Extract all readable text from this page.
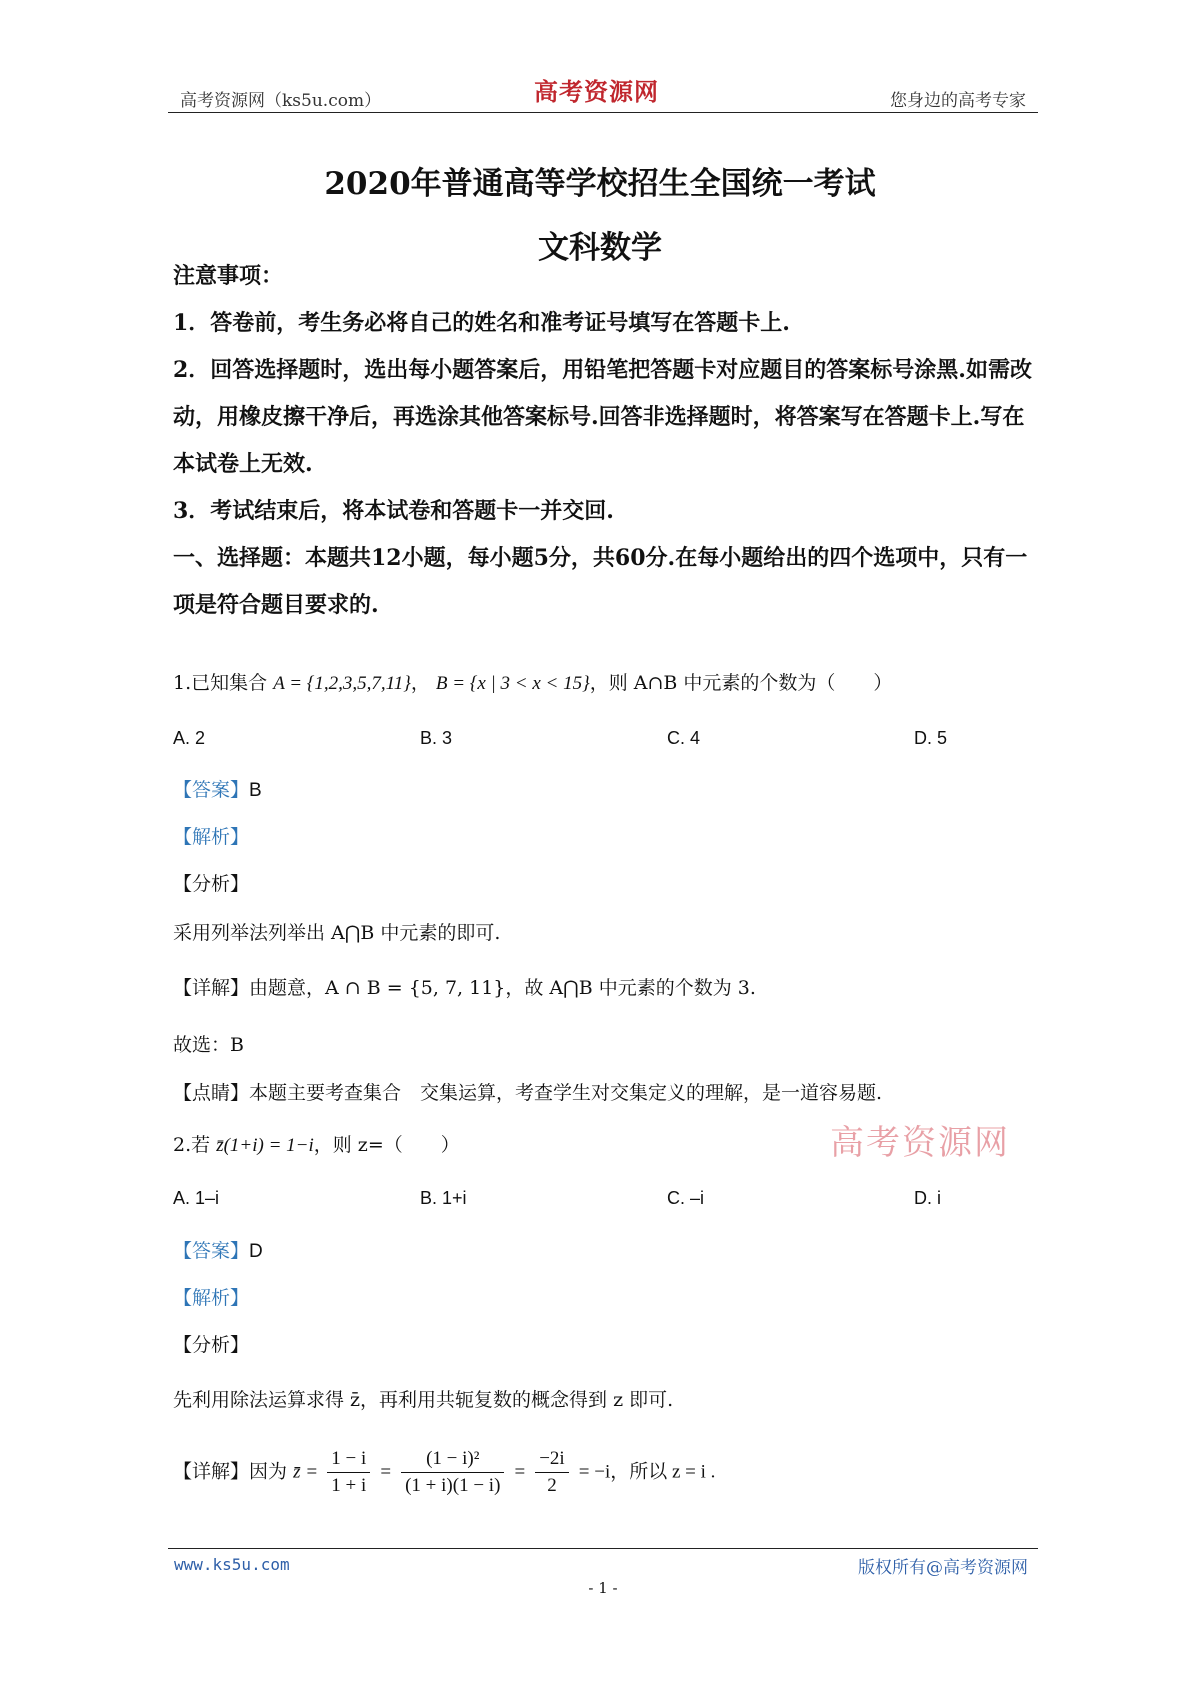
高考资源网（ks5u.com）	高考资源网	您身边的高考专家
2020年普通高等学校招生全国统一考试
文科数学
注意事项：
1．答卷前，考生务必将自己的姓名和准考证号填写在答题卡上.
2．回答选择题时，选出每小题答案后，用铅笔把答题卡对应题目的答案标号涂黑.如需改动，用橡皮擦干净后，再选涂其他答案标号.回答非选择题时，将答案写在答题卡上.写在本试卷上无效.
3．考试结束后，将本试卷和答题卡一并交回.
一、选择题：本题共12小题，每小题5分，共60分.在每小题给出的四个选项中，只有一项是符合题目要求的.
1.已知集合 A = {1,2,3,5,7,11}， B = {x | 3 < x < 15}，则 A∩B 中元素的个数为（　　）
A. 2	B. 3	C. 4	D. 5
【答案】B
【解析】
【分析】
采用列举法列举出 A⋂B 中元素的即可.
【详解】由题意，A ∩ B = {5, 7, 11}，故 A⋂B 中元素的个数为 3.
故选：B
【点睛】本题主要考查集合　交集运算，考查学生对交集定义的理解，是一道容易题.
高考资源网
2.若 z̄(1+i) = 1−i，则 z=（　　）
A. 1–i	B. 1+i	C. –i	D. i
【答案】D
【解析】
【分析】
先利用除法运算求得 z̄，再利用共轭复数的概念得到 z 即可.
【详解】因为 z̄ = $\frac{1 - i}{1 + i} = \frac{\text{(1 − i)²}}{(1 + i)(1 - i)} = \frac{-2i}{2} = -i$，所以 z = i .
www.ks5u.com	版权所有@高考资源网
- 1 -
